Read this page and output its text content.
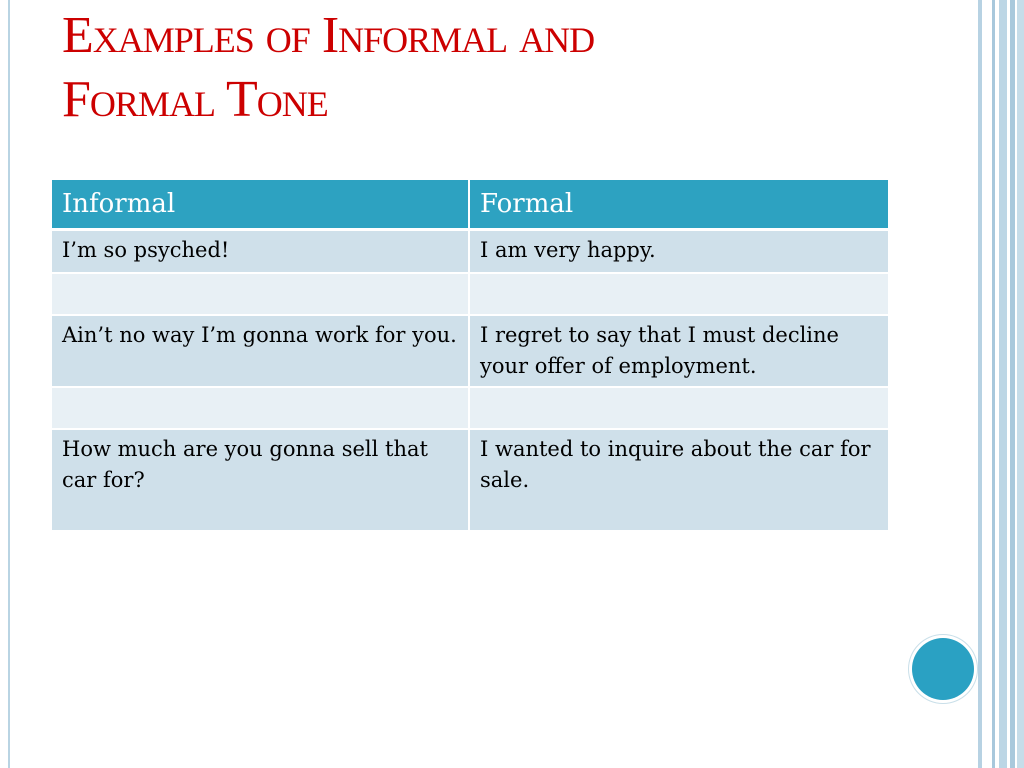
Examples of Informal and
Formal Tone
Informal	Formal
I’m so psyched!	I am very happy.

Ain’t no way I’m gonna work for you.	I regret to say that I must decline your offer of employment.

How much are you gonna sell that car for?	I wanted to inquire about the car for sale.
